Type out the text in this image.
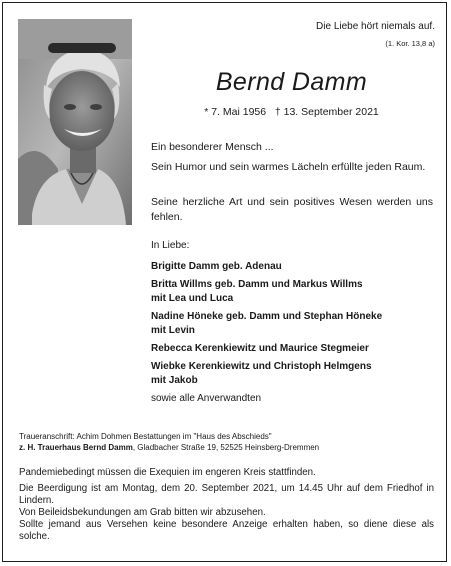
Die Liebe hört niemals auf.
(1. Kor. 13,8 a)
Bernd Damm
* 7. Mai 1956   † 13. September 2021
Ein besonderer Mensch ...
Sein Humor und sein warmes Lächeln erfüllte jeden Raum.
Seine herzliche Art und sein positives Wesen werden uns fehlen.
In Liebe:
Brigitte Damm geb. Adenau
Britta Willms geb. Damm und Markus Willms
mit Lea und Luca
Nadine Höneke geb. Damm und Stephan Höneke
mit Levin
Rebecca Kerenkiewitz und Maurice Stegmeier
Wiebke Kerenkiewitz und Christoph Helmgens
mit Jakob
sowie alle Anverwandten
Traueranschrift: Achim Dohmen Bestattungen im "Haus des Abschieds"
z. H. Trauerhaus Bernd Damm, Gladbacher Straße 19, 52525 Heinsberg-Dremmen

Pandemiebedingt müssen die Exequien im engeren Kreis stattfinden.

Die Beerdigung ist am Montag, dem 20. September 2021, um 14.45 Uhr auf dem Friedhof in Lindern.

Von Beileidsbekundungen am Grab bitten wir abzusehen.

Sollte jemand aus Versehen keine besondere Anzeige erhalten haben, so diene diese als solche.
